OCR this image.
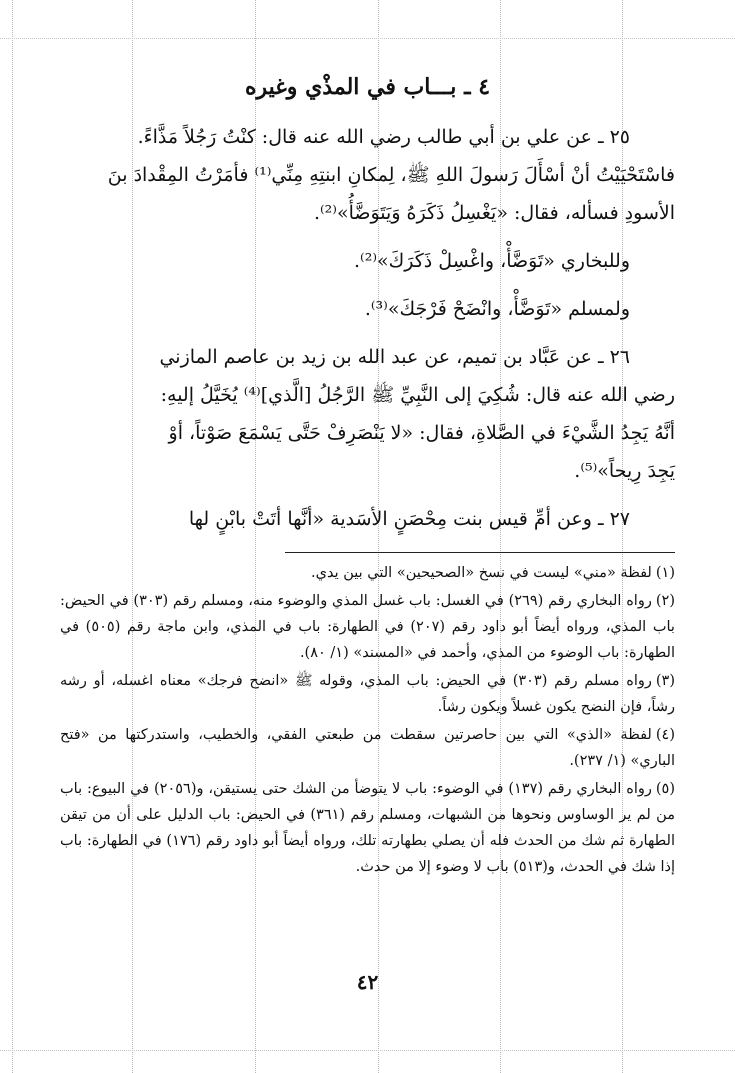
٤ ـ بـــاب في المذْي وغيره

٢٥ ـ عن علي بن أبي طالب رضي الله عنه قال: كنْتُ رَجُلاً مَذَّاءً.

فاسْتَحْيَيْتُ أنْ أسْأَلَ رَسولَ اللهِ ﷺ، لِمكانِ ابنتِهِ مِنِّي⁽¹⁾ فأمَرْتُ المِقْدادَ بنَ

الأسودِ فسأله، فقال: «يَغْسِلُ ذَكَرَهُ وَيَتَوَضَّأُ»⁽²⁾.

وللبخاري «تَوَضَّأْ، واغْسِلْ ذَكَرَكَ»⁽²⁾.

ولمسلم «تَوَضَّأْ، وانْضَحْ فَرْجَكَ»⁽³⁾.

٢٦ ـ عن عَبَّاد بن تميم، عن عبد الله بن زيد بن عاصم المازني

رضي الله عنه قال: شُكِيَ إلى النَّبِيِّ ﷺ الرَّجُلُ [الَّذي]⁽⁴⁾ يُخَيَّلُ إليهِ:

أنَّهُ يَجِدُ الشَّيْءَ في الصَّلاةِ، فقال: «لا يَنْصَرِفْ حَتَّى يَسْمَعَ صَوْتاً، أوْ

يَجِدَ رِيحاً»⁽⁵⁾.

٢٧ ـ وعن أمِّ قيس بنت مِحْصَنٍ الأسَدية «أنَّها أتَتْ بابْنٍ لها

(١)لفظة «مني» ليست في نسخ «الصحيحين» التي بين يدي.

(٢)رواه البخاري رقم (٢٦٩) في الغسل: باب غسل المذي والوضوء منه، ومسلم رقم (٣٠٣) في الحيض: باب المذي، ورواه أيضاً أبو داود رقم (٢٠٧) في الطهارة: باب في المذي، وابن ماجة رقم (٥٠٥) في الطهارة: باب الوضوء من المذي، وأحمد في «المسند» (١/ ٨٠).

(٣)رواه مسلم رقم (٣٠٣) في الحيض: باب المذي، وقوله ﷺ «انضح فرجك» معناه اغسله، أو رشه رشاً، فإن النضح يكون غسلاً ويكون رشاً.

(٤)لفظة «الذي» التي بين حاصرتين سقطت من طبعتي الفقي، والخطيب، واستدركتها من «فتح الباري» (١/ ٢٣٧).

(٥)رواه البخاري رقم (١٣٧) في الوضوء: باب لا يتوضأ من الشك حتى يستيقن، و(٢٠٥٦) في البيوع: باب من لم ير الوساوس ونحوها من الشبهات، ومسلم رقم (٣٦١) في الحيض: باب الدليل على أن من تيقن الطهارة ثم شك من الحدث فله أن يصلي بطهارته تلك، ورواه أيضاً أبو داود رقم (١٧٦) في الطهارة: باب إذا شك في الحدث، و(٥١٣) باب لا وضوء إلا من حدث.

٤٢
